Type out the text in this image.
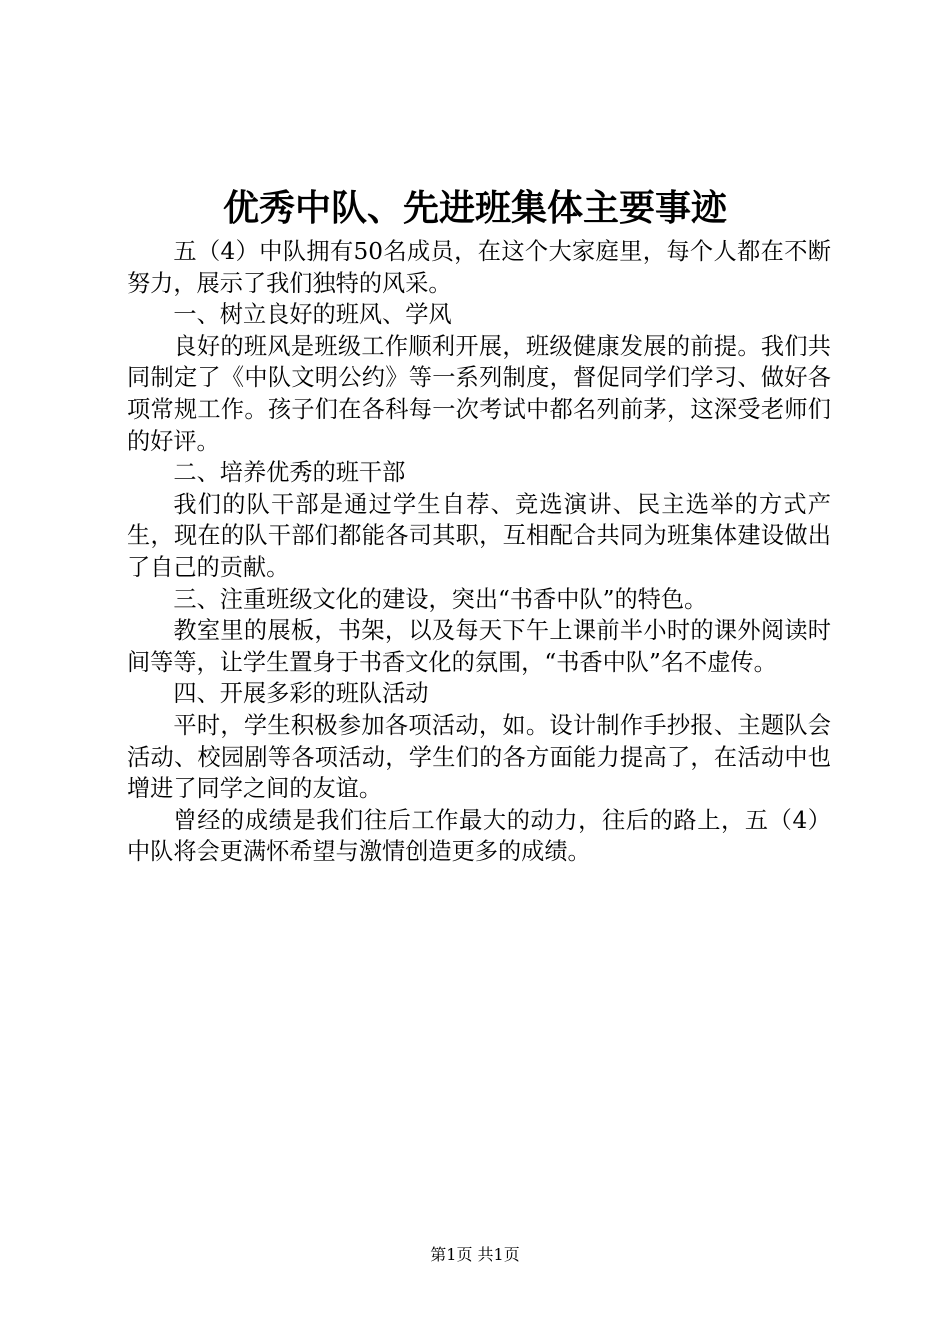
优秀中队、先进班集体主要事迹

五（4）中队拥有50名成员，在这个大家庭里，每个人都在不断努力，展示了我们独特的风采。

一、树立良好的班风、学风

良好的班风是班级工作顺利开展，班级健康发展的前提。我们共同制定了《中队文明公约》等一系列制度，督促同学们学习、做好各项常规工作。孩子们在各科每一次考试中都名列前茅，这深受老师们的好评。

二、培养优秀的班干部

我们的队干部是通过学生自荐、竞选演讲、民主选举的方式产生，现在的队干部们都能各司其职，互相配合共同为班集体建设做出了自己的贡献。

三、注重班级文化的建设，突出“书香中队”的特色。

教室里的展板，书架，以及每天下午上课前半小时的课外阅读时间等等，让学生置身于书香文化的氛围，“书香中队”名不虚传。

四、开展多彩的班队活动

平时，学生积极参加各项活动，如。设计制作手抄报、主题队会活动、校园剧等各项活动，学生们的各方面能力提高了，在活动中也增进了同学之间的友谊。

曾经的成绩是我们往后工作最大的动力，往后的路上，五（4）中队将会更满怀希望与激情创造更多的成绩。

第1页 共1页
